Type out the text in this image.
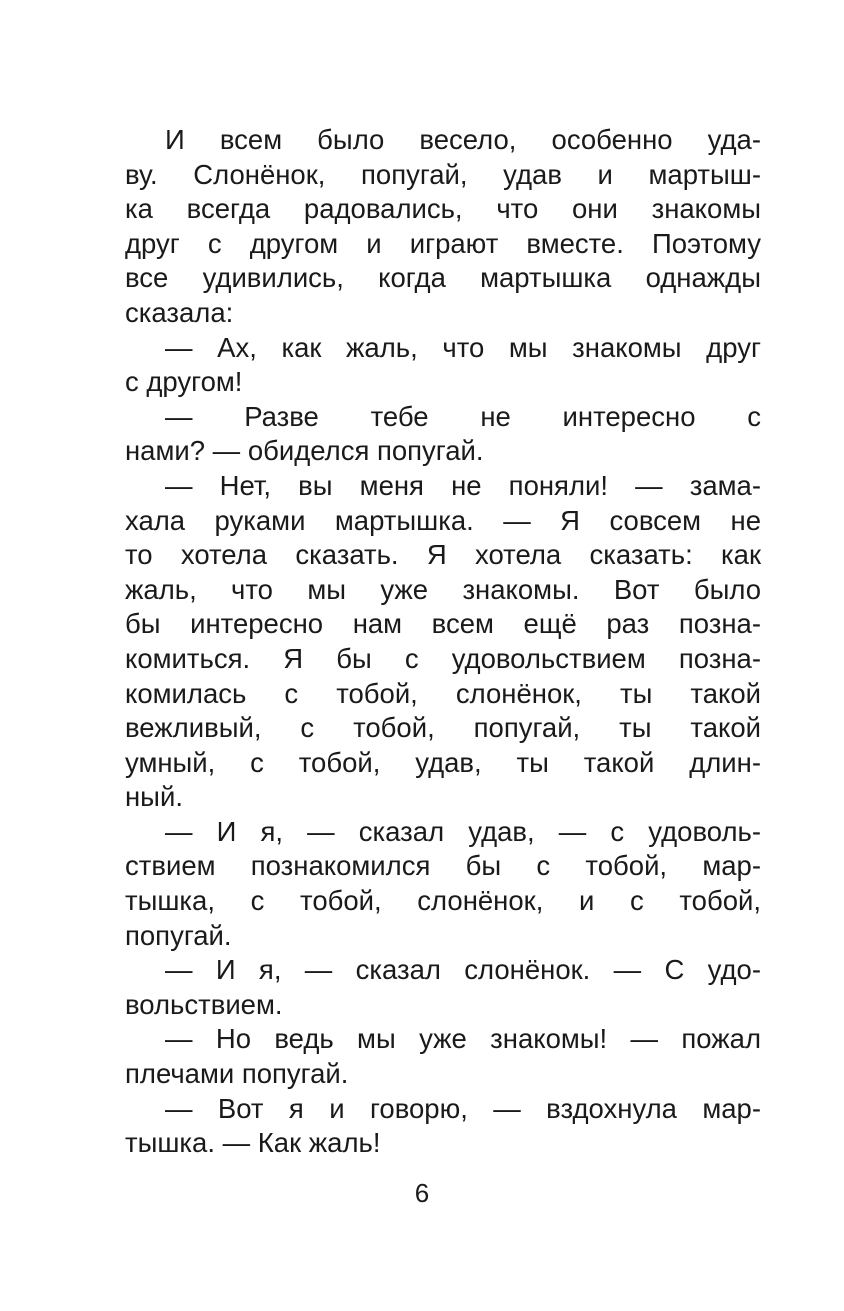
И всем было весело, особенно уда-
ву. Слонёнок, попугай, удав и мартыш-
ка всегда радовались, что они знакомы
друг с другом и играют вместе. Поэтому
все удивились, когда мартышка однажды
сказала:
— Ах, как жаль, что мы знакомы друг
с другом!
— Разве тебе не интересно с
нами? — обиделся попугай.
— Нет, вы меня не поняли! — зама-
хала руками мартышка. — Я совсем не
то хотела сказать. Я хотела сказать: как
жаль, что мы уже знакомы. Вот было
бы интересно нам всем ещё раз позна-
комиться. Я бы с удовольствием позна-
комилась с тобой, слонёнок, ты такой
вежливый, с тобой, попугай, ты такой
умный, с тобой, удав, ты такой длин-
ный.
— И я, — сказал удав, — с удоволь-
ствием познакомился бы с тобой, мар-
тышка, с тобой, слонёнок, и с тобой,
попугай.
— И я, — сказал слонёнок. — С удо-
вольствием.
— Но ведь мы уже знакомы! — пожал
плечами попугай.
— Вот я и говорю, — вздохнула мар-
тышка. — Как жаль!
6
